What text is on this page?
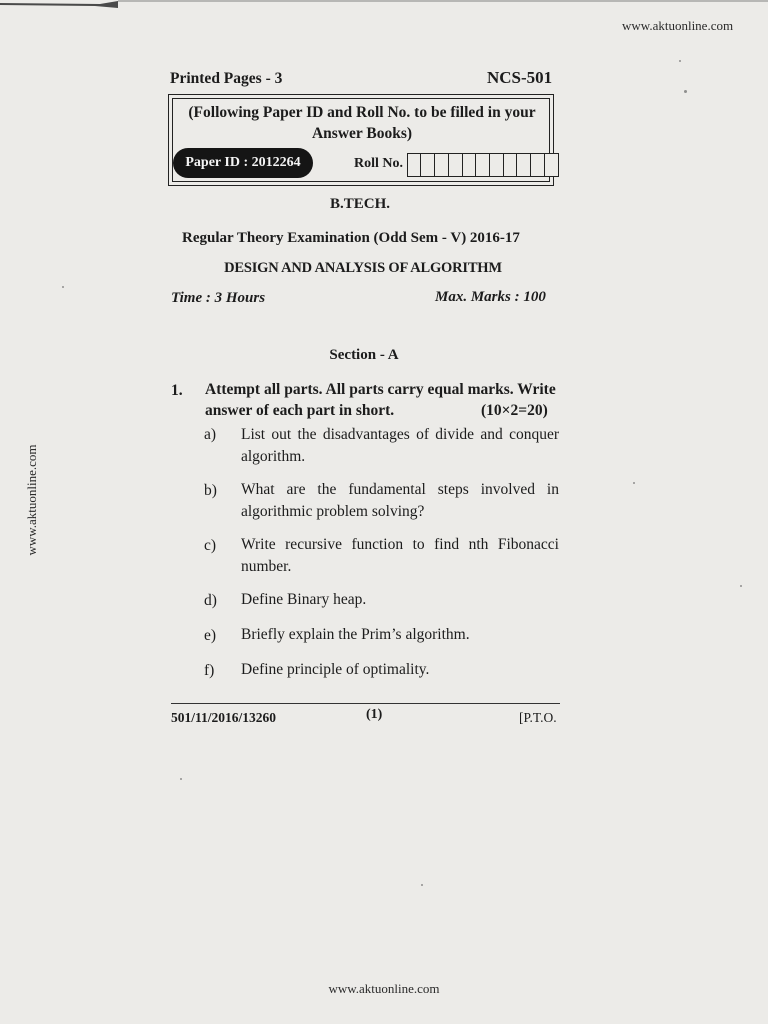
www.aktuonline.com
www.aktuonline.com
www.aktuonline.com
Printed Pages - 3	NCS-501
(Following Paper ID and Roll No. to be filled in your Answer Books)
Paper ID : 2012264	Roll No.
B.TECH.
Regular Theory Examination (Odd Sem - V) 2016-17
DESIGN AND ANALYSIS OF ALGORITHM
Time : 3 Hours	Max. Marks : 100
Section - A
1. Attempt all parts. All parts carry equal marks. Write
answer of each part in short.	(10×2=20)
a) List out the disadvantages of divide and conquer algorithm.
b) What are the fundamental steps involved in algorithmic problem solving?
c) Write recursive function to find nth Fibonacci number.
d) Define Binary heap.
e) Briefly explain the Prim’s algorithm.
f) Define principle of optimality.
501/11/2016/13260	(1)	[P.T.O.
